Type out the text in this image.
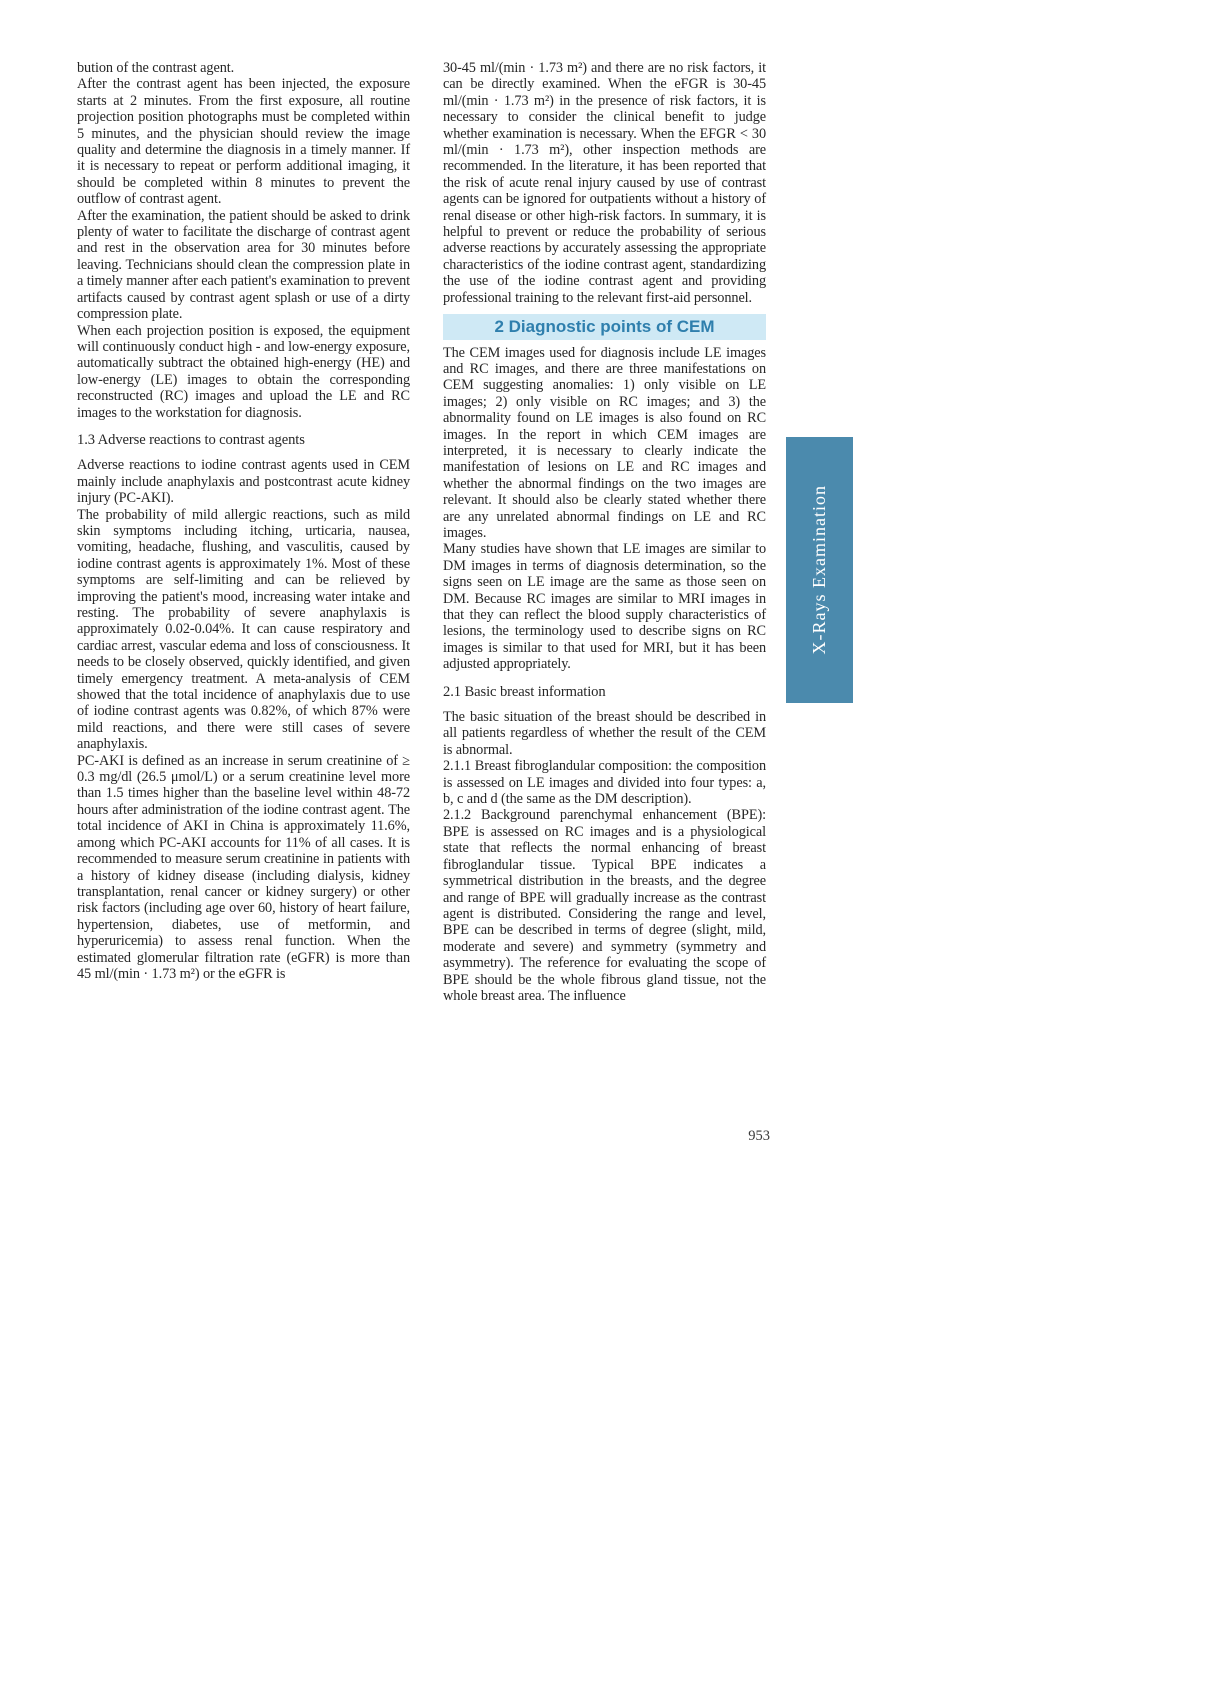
bution of the contrast agent.

After the contrast agent has been injected, the exposure starts at 2 minutes. From the first exposure, all routine projection position photographs must be completed within 5 minutes, and the physician should review the image quality and determine the diagnosis in a timely manner. If it is necessary to repeat or perform additional imaging, it should be completed within 8 minutes to prevent the outflow of contrast agent.

After the examination, the patient should be asked to drink plenty of water to facilitate the discharge of contrast agent and rest in the observation area for 30 minutes before leaving. Technicians should clean the compression plate in a timely manner after each patient's examination to prevent artifacts caused by contrast agent splash or use of a dirty compression plate.

When each projection position is exposed, the equipment will continuously conduct high - and low-energy exposure, automatically subtract the obtained high-energy (HE) and low-energy (LE) images to obtain the corresponding reconstructed (RC) images and upload the LE and RC images to the workstation for diagnosis.

1.3 Adverse reactions to contrast agents

Adverse reactions to iodine contrast agents used in CEM mainly include anaphylaxis and postcontrast acute kidney injury (PC-AKI).

The probability of mild allergic reactions, such as mild skin symptoms including itching, urticaria, nausea, vomiting, headache, flushing, and vasculitis, caused by iodine contrast agents is approximately 1%. Most of these symptoms are self-limiting and can be relieved by improving the patient's mood, increasing water intake and resting. The probability of severe anaphylaxis is approximately 0.02-0.04%. It can cause respiratory and cardiac arrest, vascular edema and loss of consciousness. It needs to be closely observed, quickly identified, and given timely emergency treatment. A meta-analysis of CEM showed that the total incidence of anaphylaxis due to use of iodine contrast agents was 0.82%, of which 87% were mild reactions, and there were still cases of severe anaphylaxis.

PC-AKI is defined as an increase in serum creatinine of ≥ 0.3 mg/dl (26.5 μmol/L) or a serum creatinine level more than 1.5 times higher than the baseline level within 48-72 hours after administration of the iodine contrast agent. The total incidence of AKI in China is approximately 11.6%, among which PC-AKI accounts for 11% of all cases. It is recommended to measure serum creatinine in patients with a history of kidney disease (including dialysis, kidney transplantation, renal cancer or kidney surgery) or other risk factors (including age over 60, history of heart failure, hypertension, diabetes, use of metformin, and hyperuricemia) to assess renal function. When the estimated glomerular filtration rate (eGFR) is more than 45 ml/(min · 1.73 m²) or the eGFR is

30-45 ml/(min · 1.73 m²) and there are no risk factors, it can be directly examined. When the eFGR is 30-45 ml/(min · 1.73 m²) in the presence of risk factors, it is necessary to consider the clinical benefit to judge whether examination is necessary. When the EFGR < 30 ml/(min · 1.73 m²), other inspection methods are recommended. In the literature, it has been reported that the risk of acute renal injury caused by use of contrast agents can be ignored for outpatients without a history of renal disease or other high-risk factors. In summary, it is helpful to prevent or reduce the probability of serious adverse reactions by accurately assessing the appropriate characteristics of the iodine contrast agent, standardizing the use of the iodine contrast agent and providing professional training to the relevant first-aid personnel.

2 Diagnostic points of CEM

The CEM images used for diagnosis include LE images and RC images, and there are three manifestations on CEM suggesting anomalies: 1) only visible on LE images; 2) only visible on RC images; and 3) the abnormality found on LE images is also found on RC images. In the report in which CEM images are interpreted, it is necessary to clearly indicate the manifestation of lesions on LE and RC images and whether the abnormal findings on the two images are relevant. It should also be clearly stated whether there are any unrelated abnormal findings on LE and RC images.

Many studies have shown that LE images are similar to DM images in terms of diagnosis determination, so the signs seen on LE image are the same as those seen on DM. Because RC images are similar to MRI images in that they can reflect the blood supply characteristics of lesions, the terminology used to describe signs on RC images is similar to that used for MRI, but it has been adjusted appropriately.

2.1 Basic breast information

The basic situation of the breast should be described in all patients regardless of whether the result of the CEM is abnormal.

2.1.1 Breast fibroglandular composition: the composition is assessed on LE images and divided into four types: a, b, c and d (the same as the DM description).

2.1.2 Background parenchymal enhancement (BPE): BPE is assessed on RC images and is a physiological state that reflects the normal enhancing of breast fibroglandular tissue. Typical BPE indicates a symmetrical distribution in the breasts, and the degree and range of BPE will gradually increase as the contrast agent is distributed. Considering the range and level, BPE can be described in terms of degree (slight, mild, moderate and severe) and symmetry (symmetry and asymmetry). The reference for evaluating the scope of BPE should be the whole fibrous gland tissue, not the whole breast area. The influence

X-Rays Examination
953
